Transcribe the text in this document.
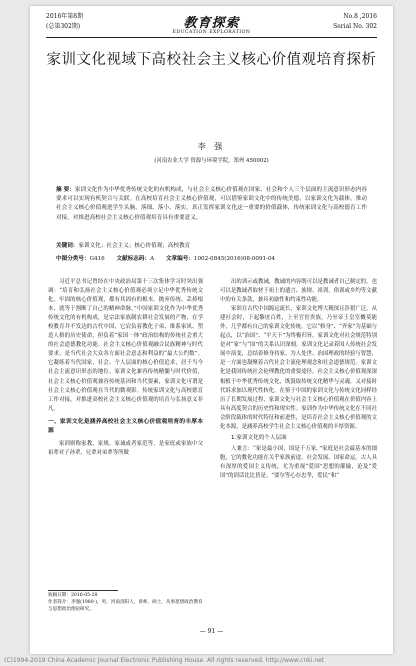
2016年第8期
(总第302期)	教育探索
EDUCATION EXPLORATION
No.8 ,2016
Serial No. 302
家训文化视域下高校社会主义核心价值观培育探析
李 强
(河南农业大学 资源与环境学院，郑州 450002)
摘 要：家训文化作为中华优秀传统文化的有机构成，与社会主义核心价值观在国家、社会和个人三个层面的主流意识形态内容要求可以实现有机契合与关联。在高校培育社会主义核心价值观，可以借鉴家训文化中的传统美德，以家训文化为载体，推动社会主义核心价值观进学生头脑，落细、落小、落实，真正发挥家训文化这一重要的价值载体，传统家训文化与高校德育工作对接，对推进高校社会主义核心价值观培育具有重要意义。
关键词：家训文化；社会主义；核心价值观；高校教育
中图分类号：G416 文献标志码：A 文章编号：1002-0845(2016)08-0091-04

习近平总书记曾经在中央政治局第十三次集体学习时突出强调：“培育和弘扬社会主义核心价值观必须立足中华优秀传统文化。牢固的核心价值观，都有其固有的根本。抛弃传统、丢掉根本，就等于割断了自己的精神命脉。”中国家训文化作为中华优秀传统文化的有机构成，是宗法家族制农耕社会发展的产物，在学校教育并不发达的古代中国，它肩负着教化子弟、维系家风、塑造人格的历史使命，担负着“家国一体”政治结构的传统社会重大的社会道德教化功能。社会主义核心价值观融合民族精神与时代要求，是当代社会大众各方面社会意志和利益的“最大公约数”。它凝练着当代国家、社会、个人层面的核心价值追求，居于当今社会主流意识形态的地位。家训文化兼容传统精髓与时代价值，社会主义核心价值观兼容传统基因和当代要素，家训文化可谓是社会主义核心价值观在当代的微观影。传统家训文化与高校德育工作对接，对推进高校社会主义核心价值观的培育与弘扬意义非凡。

一、家训文化是涵养高校社会主义核心价值观培育的丰厚本源

家训则称家教、家规、家诫或者家范等，是家庭或家族中父祖辈对子孙辈、兄辈对弟辈等所做

出的训示或教诫，教诫的内容既可以是教诫者自己制定的，也可以是教诫者取材于祖上的遗言、族规、祖训，俗训或乡约等文献中的有关条款，兼具劝谕性和约束性功能。

家训在古代中国源远流长，家训文化博大精深且涉猎广泛。从建社会时，下起黎庶百姓，上至官宦贵族，乃至帝王皇室概莫能外，几乎都有自己的家训文化传统。它以“修身”、“齐家”为基础与起点，以“治国”、“平天下”为终极归旨，家训文化对社会规范特别是对“家”与“国”的关系认识深刻。家训文化记录着国人传统社会发展中演变，总结着修身持家、为人处世、治国理政的经验与智慧，是一方面也凝聚着古代社会主流伦理观念和社会道德规范。家训文化是我国传统社会伦理教化的重要途径。社会主义核心价值观深深根植于中华优秀传统文化，既汲取传统文化精华与灵魂，又对接时代诉求加以现代性转化。在鉴于中国的家训文化与传统文化同样经历了长期发展过程，家训文化与社会主义核心价值观在价值内容上具有高度契合的历史性和现实性。家训作为中华传统文化在不同社会阶段载体的时代特征和前进性，是培育社会主义核心价值观的文化本源，是涵养高校学生社会主义核心价值观的丰厚资源。

1.家训文化的个人层面

人兼言：“家是最小国，国是千万家。”家庭是社会最基本的细胞，它的教化功能在关乎家族前途、社会发展、国家命运。古人具有深厚的爱国主义传统，尤为重视“爱国”思想的灌输，论及“爱国”的训话比比皆是。“要尔等心存忠孝，爱民”和“

收稿日期：2016-05-28
作者简介：李强(1980-)，男，河南洛阳人，讲师，硕士，从事思想政治教育与思想政治理论研究。
— 91 —
(C)1994-2019 China Academic Journal Electronic Publishing House. All rights reserved. http://www.cnki.net
